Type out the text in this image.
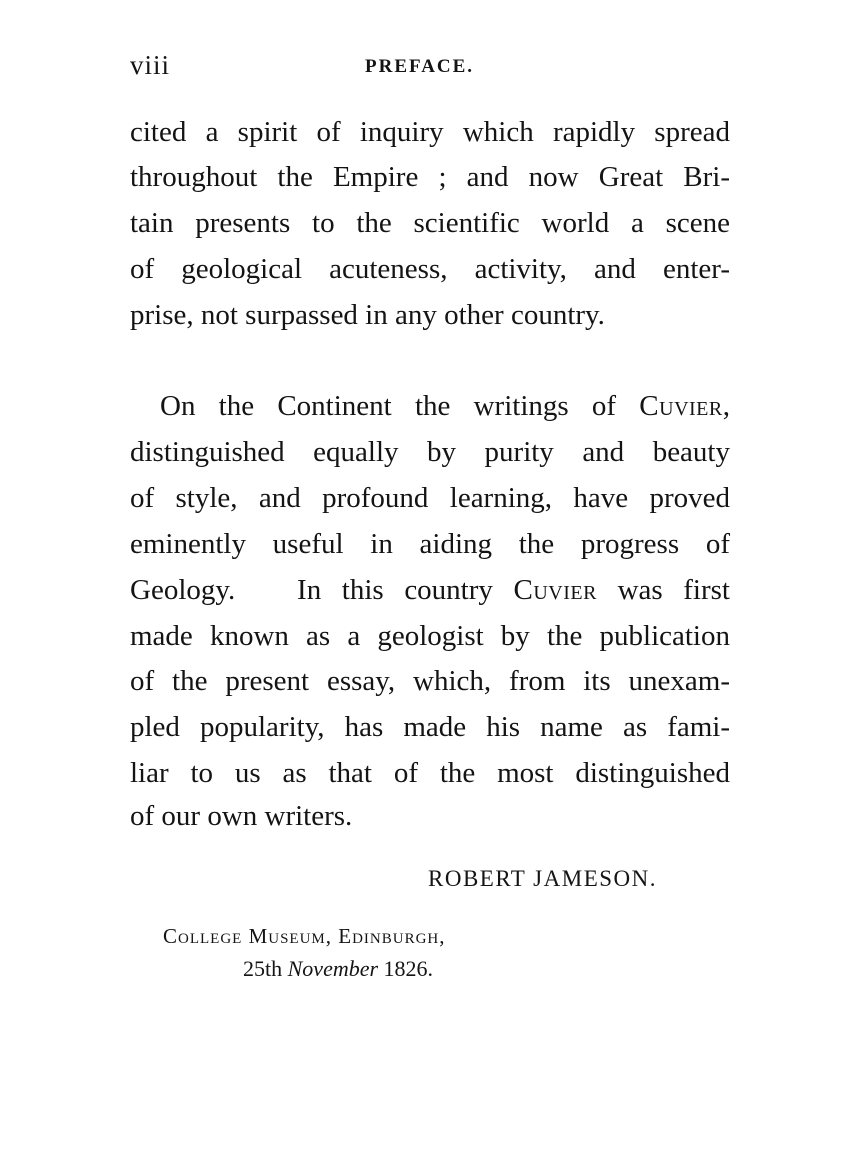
viii	PREFACE.
cited a spirit of inquiry which rapidly spread
throughout the Empire ; and now Great Bri-
tain presents to the scientific world a scene
of geological acuteness, activity, and enter-
prise, not surpassed in any other country.
On the Continent the writings of Cuvier,
distinguished equally by purity and beauty
of style, and profound learning, have proved
eminently useful in aiding the progress of
Geology.   In this country Cuvier was first
made known as a geologist by the publication
of the present essay, which, from its unexam-
pled popularity, has made his name as fami-
liar to us as that of the most distinguished
of our own writers.
ROBERT JAMESON.
College Museum, Edinburgh,
25th November 1826.
